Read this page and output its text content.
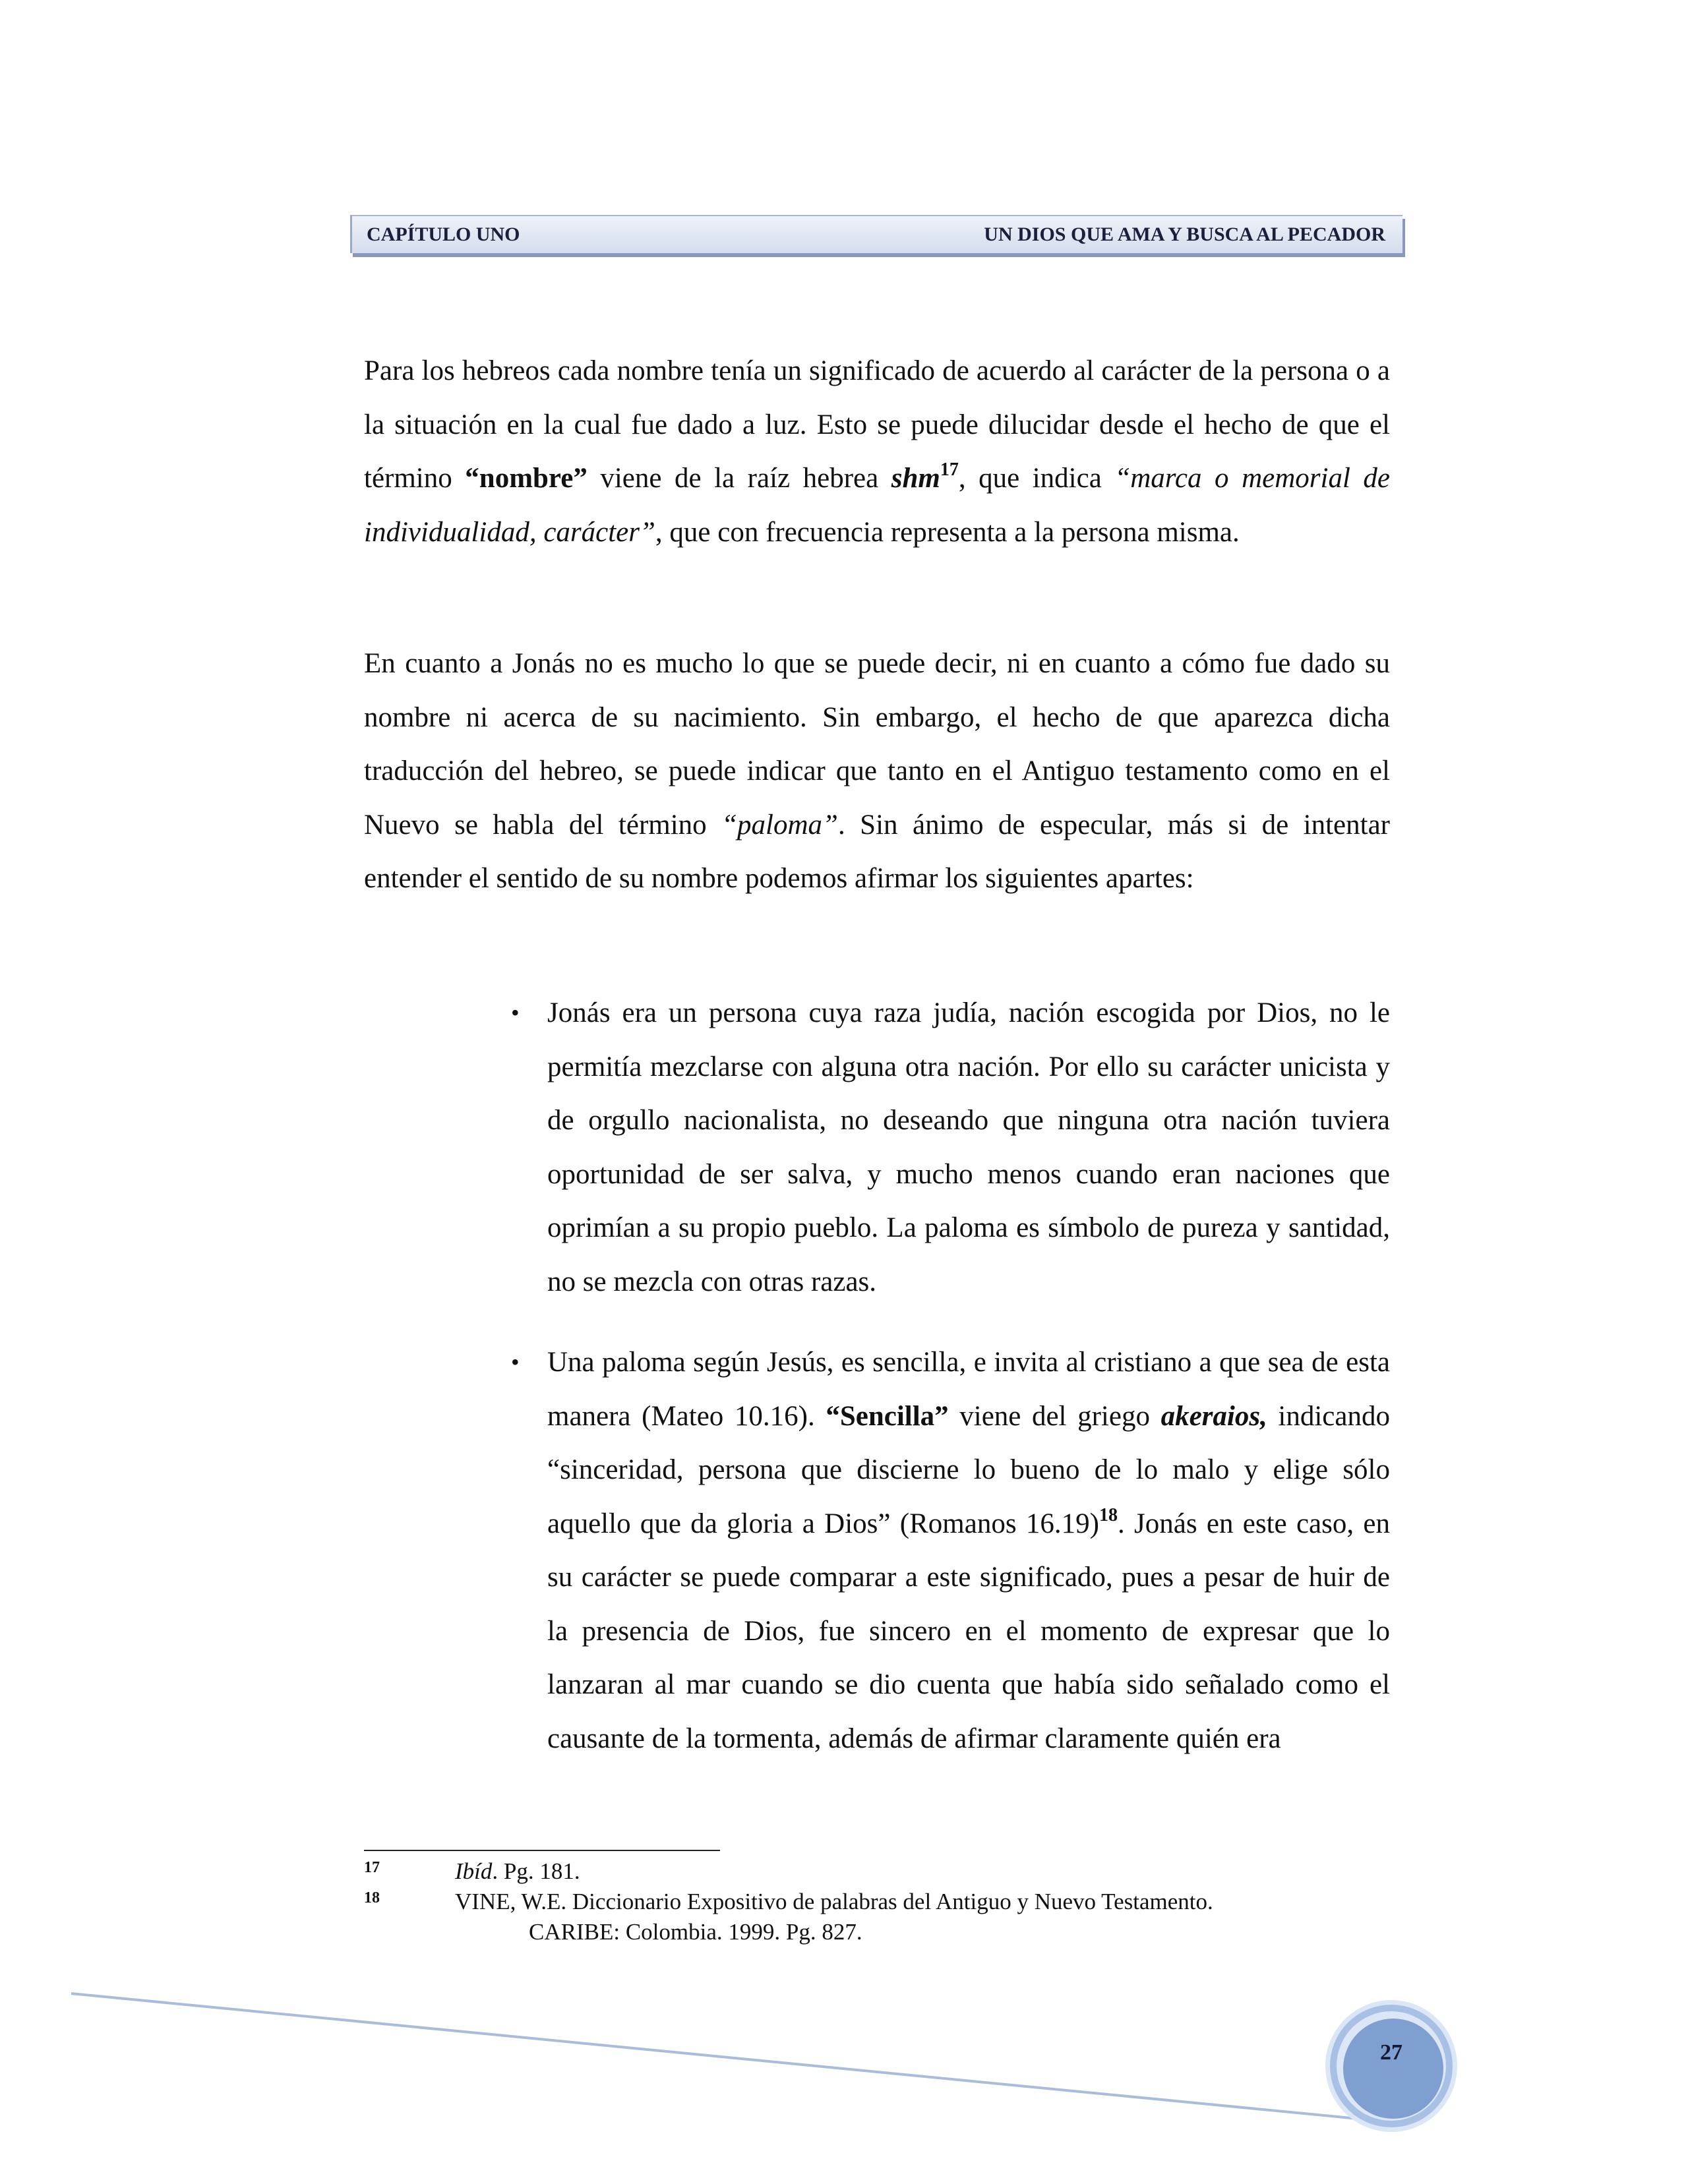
CAPÍTULO UNO	UN DIOS QUE AMA Y BUSCA AL PECADOR

Para los hebreos cada nombre tenía un significado de acuerdo al carácter de la persona o a la situación en la cual fue dado a luz. Esto se puede dilucidar desde el hecho de que el término “nombre” viene de la raíz hebrea shm$^{17}$, que indica “marca o memorial de individualidad, carácter”, que con frecuencia representa a la persona misma.

En cuanto a Jonás no es mucho lo que se puede decir, ni en cuanto a cómo fue dado su nombre ni acerca de su nacimiento. Sin embargo, el hecho de que aparezca dicha traducción del hebreo, se puede indicar que tanto en el Antiguo testamento como en el Nuevo se habla del término “paloma”. Sin ánimo de especular, más si de intentar entender el sentido de su nombre podemos afirmar los siguientes apartes:

• Jonás era un persona cuya raza judía, nación escogida por Dios, no le permitía mezclarse con alguna otra nación. Por ello su carácter unicista y de orgullo nacionalista, no deseando que ninguna otra nación tuviera oportunidad de ser salva, y mucho menos cuando eran naciones que oprimían a su propio pueblo. La paloma es símbolo de pureza y santidad, no se mezcla con otras razas.
• Una paloma según Jesús, es sencilla, e invita al cristiano a que sea de esta manera (Mateo 10.16). “Sencilla” viene del griego akeraios, indicando “sinceridad, persona que discierne lo bueno de lo malo y elige sólo aquello que da gloria a Dios” (Romanos 16.19)$^{18}$. Jonás en este caso, en su carácter se puede comparar a este significado, pues a pesar de huir de la presencia de Dios, fue sincero en el momento de expresar que lo lanzaran al mar cuando se dio cuenta que había sido señalado como el causante de la tormenta, además de afirmar claramente quién era
17	Ibíd. Pg. 181.
18	VINE, W.E. Diccionario Expositivo de palabras del Antiguo y Nuevo Testamento.
CARIBE: Colombia. 1999. Pg. 827.
27
